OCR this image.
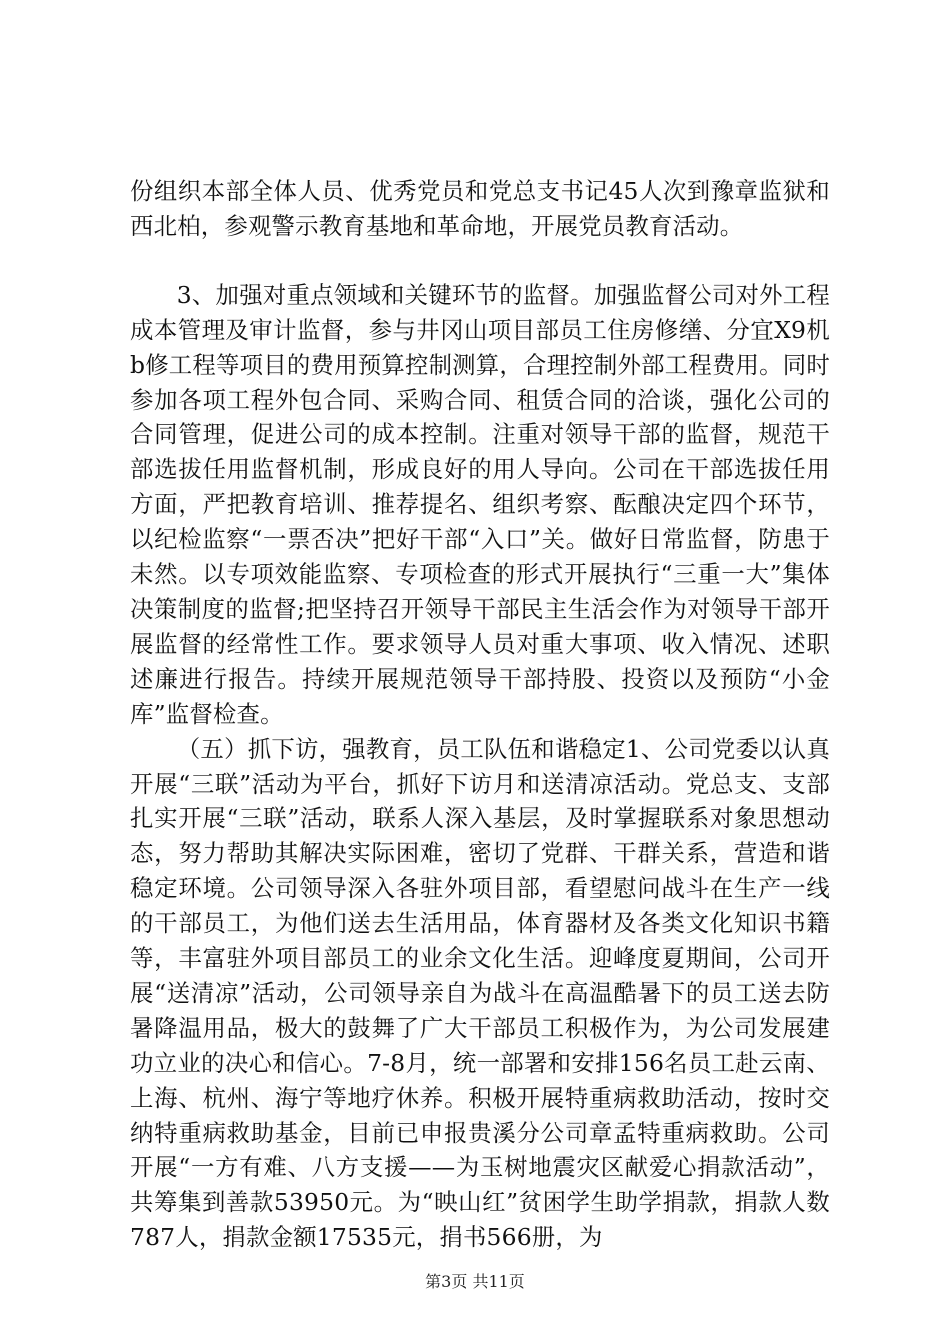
份组织本部全体人员、优秀党员和党总支书记45人次到豫章监狱和西北柏，参观警示教育基地和革命地，开展党员教育活动。

3、加强对重点领域和关键环节的监督。加强监督公司对外工程成本管理及审计监督，参与井冈山项目部员工住房修缮、分宜X9机b修工程等项目的费用预算控制测算，合理控制外部工程费用。同时参加各项工程外包合同、采购合同、租赁合同的洽谈，强化公司的合同管理，促进公司的成本控制。注重对领导干部的监督，规范干部选拔任用监督机制，形成良好的用人导向。公司在干部选拔任用方面，严把教育培训、推荐提名、组织考察、酝酿决定四个环节，以纪检监察“一票否决”把好干部“入口”关。做好日常监督，防患于未然。以专项效能监察、专项检查的形式开展执行“三重一大”集体决策制度的监督;把坚持召开领导干部民主生活会作为对领导干部开展监督的经常性工作。要求领导人员对重大事项、收入情况、述职述廉进行报告。持续开展规范领导干部持股、投资以及预防“小金库”监督检查。

（五）抓下访，强教育，员工队伍和谐稳定1、公司党委以认真开展“三联”活动为平台，抓好下访月和送清凉活动。党总支、支部扎实开展“三联”活动，联系人深入基层，及时掌握联系对象思想动态，努力帮助其解决实际困难，密切了党群、干群关系，营造和谐稳定环境。公司领导深入各驻外项目部，看望慰问战斗在生产一线的干部员工，为他们送去生活用品，体育器材及各类文化知识书籍等，丰富驻外项目部员工的业余文化生活。迎峰度夏期间，公司开展“送清凉”活动，公司领导亲自为战斗在高温酷暑下的员工送去防暑降温用品，极大的鼓舞了广大干部员工积极作为，为公司发展建功立业的决心和信心。7-8月，统一部署和安排156名员工赴云南、上海、杭州、海宁等地疗休养。积极开展特重病救助活动，按时交纳特重病救助基金，目前已申报贵溪分公司章孟特重病救助。公司开展“一方有难、八方支援——为玉树地震灾区献爱心捐款活动”，共筹集到善款53950元。为“映山红”贫困学生助学捐款，捐款人数787人，捐款金额17535元，捐书566册，为

第3页 共11页
